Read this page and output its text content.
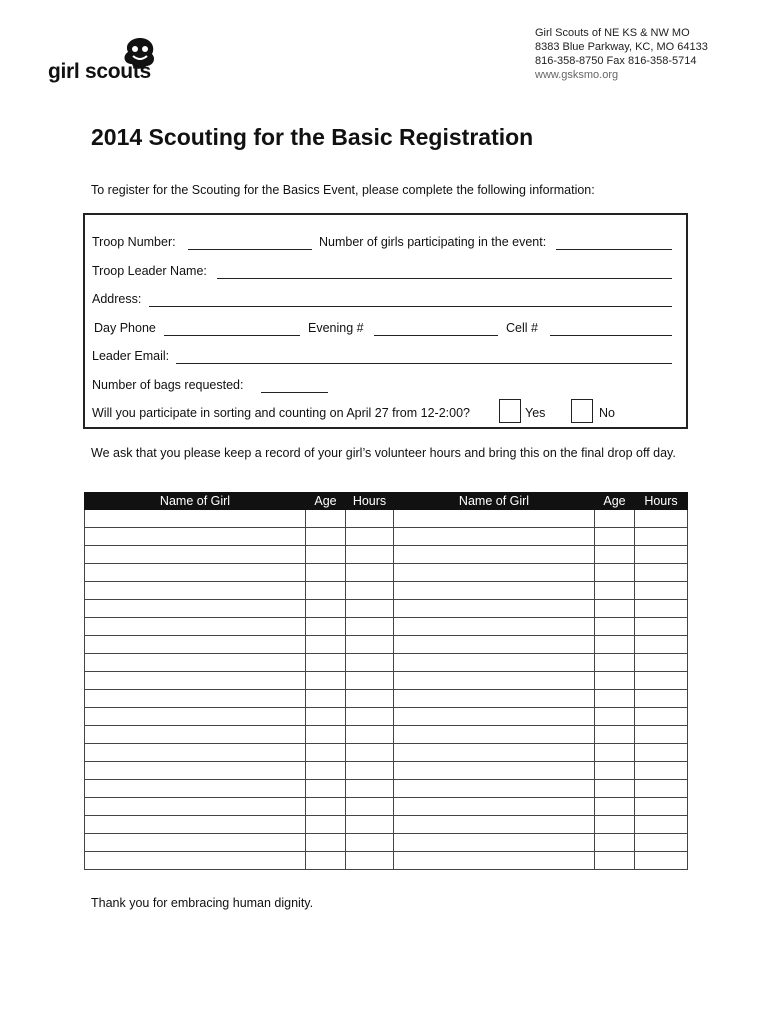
girl scouts
Girl Scouts of NE KS & NW MO
8383 Blue Parkway, KC, MO 64133
816-358-8750 Fax 816-358-5714
www.gsksmo.org
2014 Scouting for the Basic Registration
To register for the Scouting for the Basics Event, please complete the following information:
Troop Number:	Number of girls participating in the event:
Troop Leader Name:
Address:
Day Phone	Evening #	Cell #
Leader Email:
Number of bags requested:
Will you participate in sorting and counting on April 27 from 12-2:00?	Yes	No
We ask that you please keep a record of your girl’s volunteer hours and bring this on the final drop off day.
Name of Girl	Age	Hours	Name of Girl	Age	Hours

Thank you for embracing human dignity.
